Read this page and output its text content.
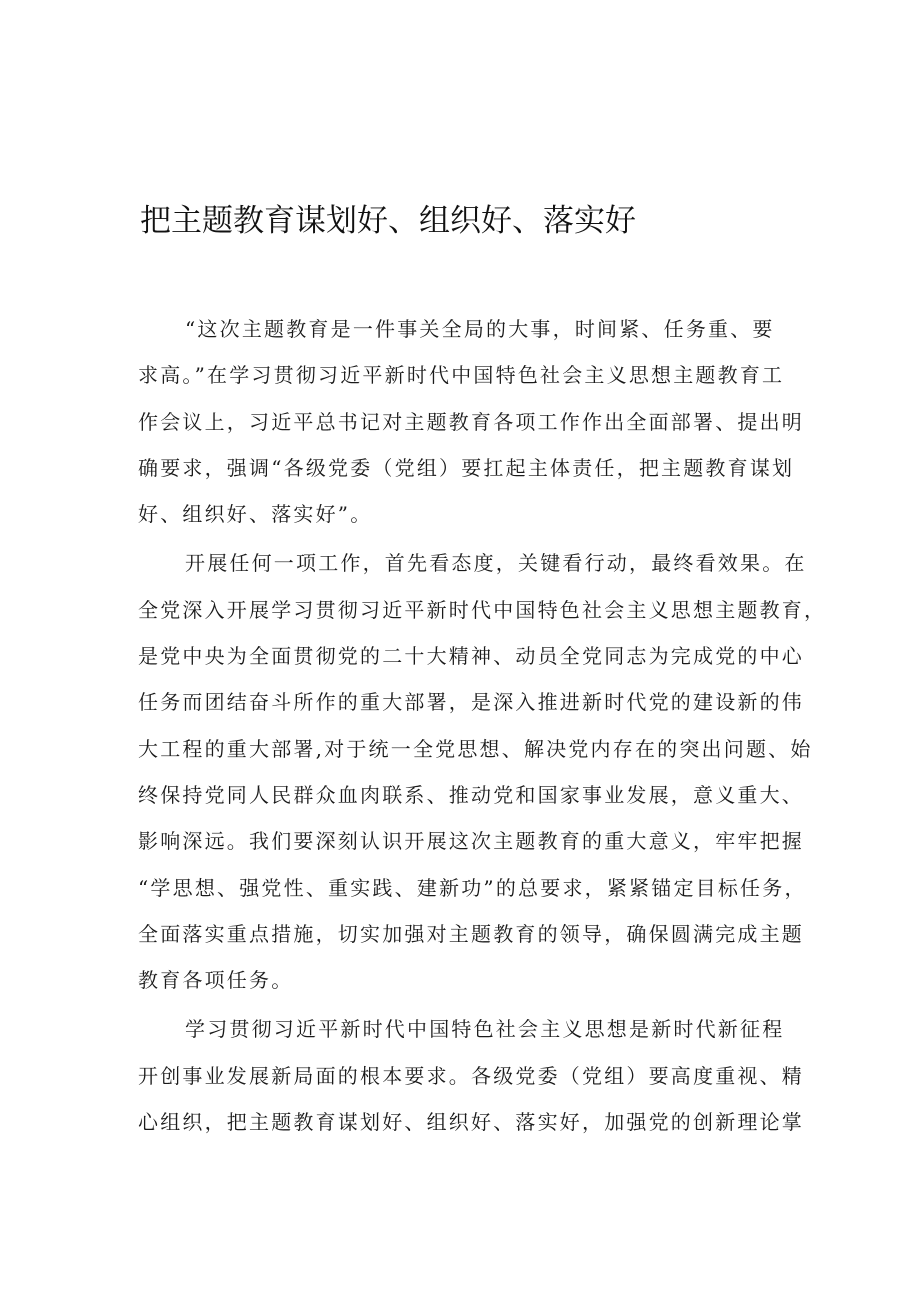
把主题教育谋划好、组织好、落实好

“这次主题教育是一件事关全局的大事，时间紧、任务重、要
求高。”在学习贯彻习近平新时代中国特色社会主义思想主题教育工
作会议上，习近平总书记对主题教育各项工作作出全面部署、提出明
确要求，强调“各级党委（党组）要扛起主体责任，把主题教育谋划
好、组织好、落实好”。

开展任何一项工作，首先看态度，关键看行动，最终看效果。在
全党深入开展学习贯彻习近平新时代中国特色社会主义思想主题教育，
是党中央为全面贯彻党的二十大精神、动员全党同志为完成党的中心
任务而团结奋斗所作的重大部署，是深入推进新时代党的建设新的伟
大工程的重大部署,对于统一全党思想、解决党内存在的突出问题、始
终保持党同人民群众血肉联系、推动党和国家事业发展，意义重大、
影响深远。我们要深刻认识开展这次主题教育的重大意义，牢牢把握
“学思想、强党性、重实践、建新功”的总要求，紧紧锚定目标任务，
全面落实重点措施，切实加强对主题教育的领导，确保圆满完成主题
教育各项任务。

学习贯彻习近平新时代中国特色社会主义思想是新时代新征程
开创事业发展新局面的根本要求。各级党委（党组）要高度重视、精
心组织，把主题教育谋划好、组织好、落实好，加强党的创新理论掌
